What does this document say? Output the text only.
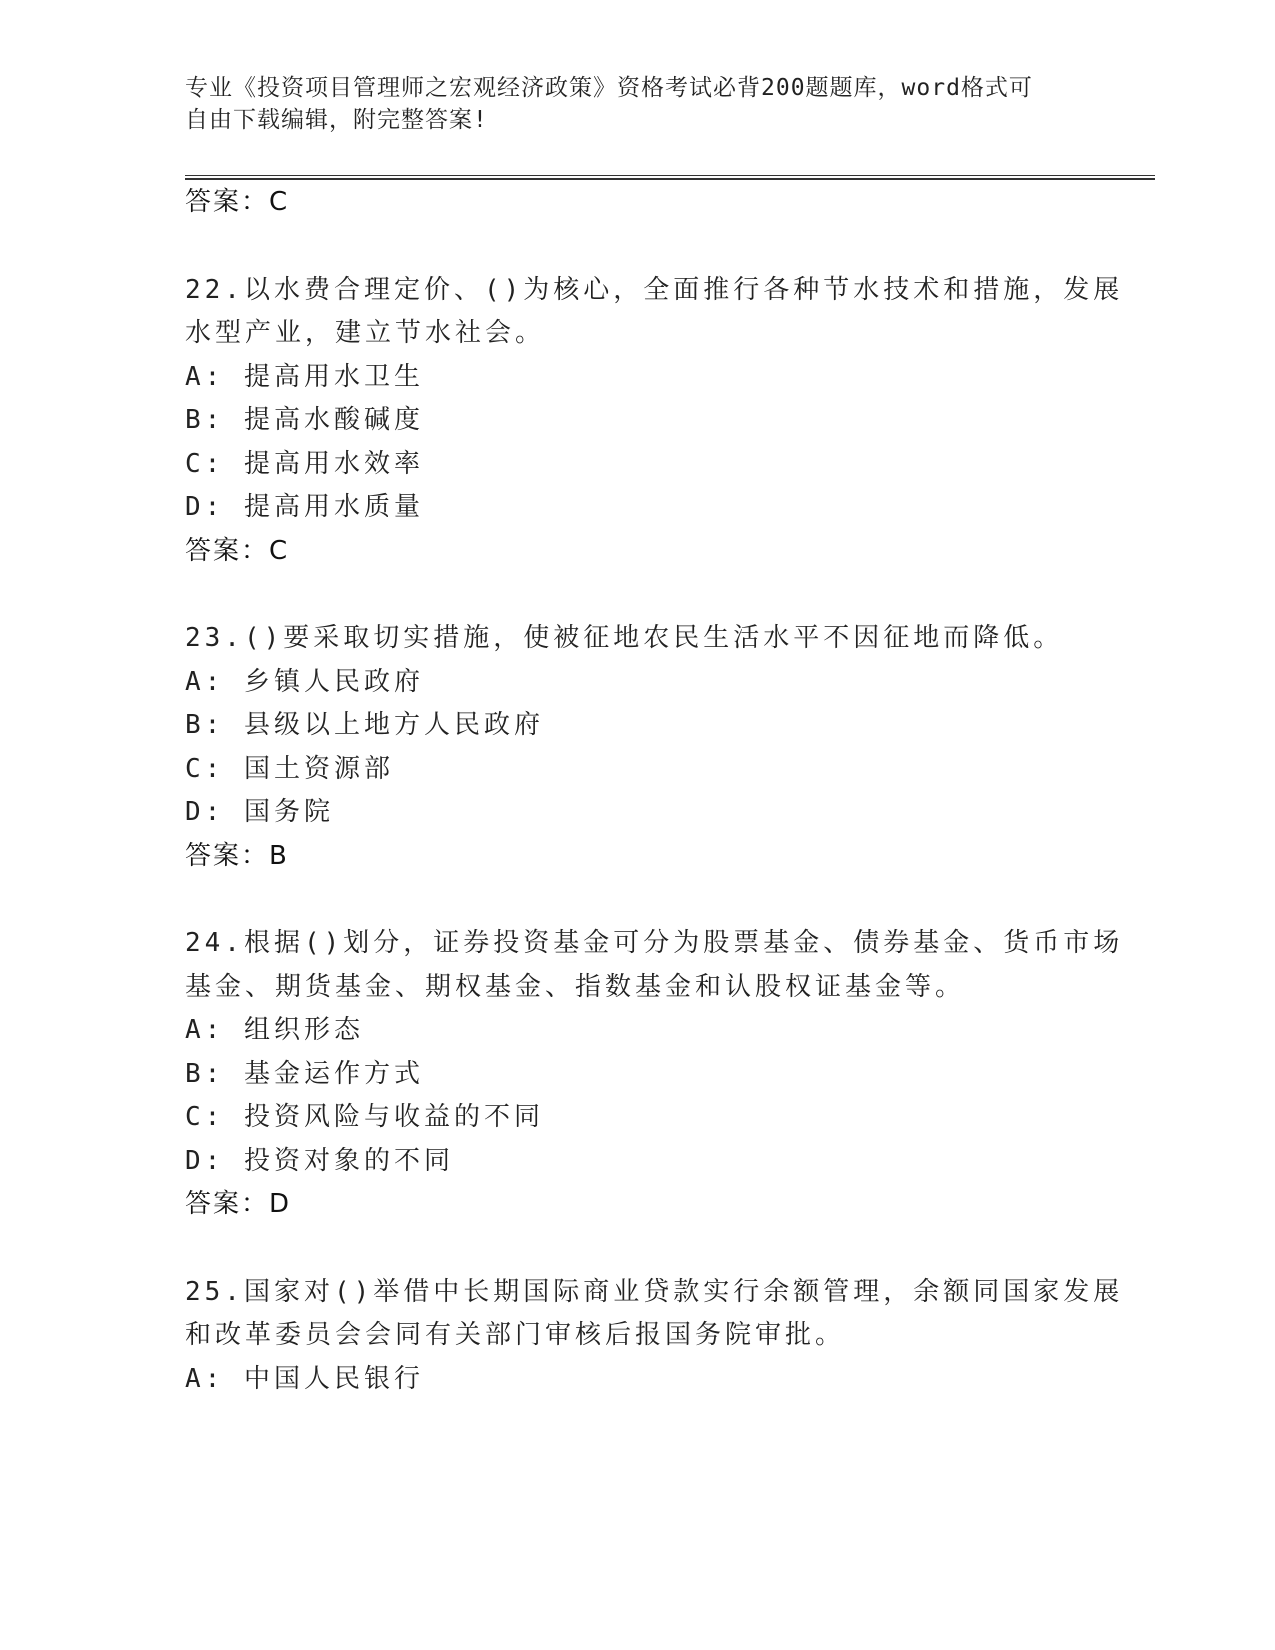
专业《投资项目管理师之宏观经济政策》资格考试必背200题题库，word格式可
自由下载编辑，附完整答案!
答案：C
22.以水费合理定价、()为核心，全面推行各种节水技术和措施，发展
水型产业，建立节水社会。
A: 提高用水卫生
B: 提高水酸碱度
C: 提高用水效率
D: 提高用水质量
答案：C
23.()要采取切实措施，使被征地农民生活水平不因征地而降低。
A: 乡镇人民政府
B: 县级以上地方人民政府
C: 国土资源部
D: 国务院
答案：B
24.根据()划分，证券投资基金可分为股票基金、债券基金、货币市场
基金、期货基金、期权基金、指数基金和认股权证基金等。
A: 组织形态
B: 基金运作方式
C: 投资风险与收益的不同
D: 投资对象的不同
答案：D
25.国家对()举借中长期国际商业贷款实行余额管理，余额同国家发展
和改革委员会会同有关部门审核后报国务院审批。
A: 中国人民银行
